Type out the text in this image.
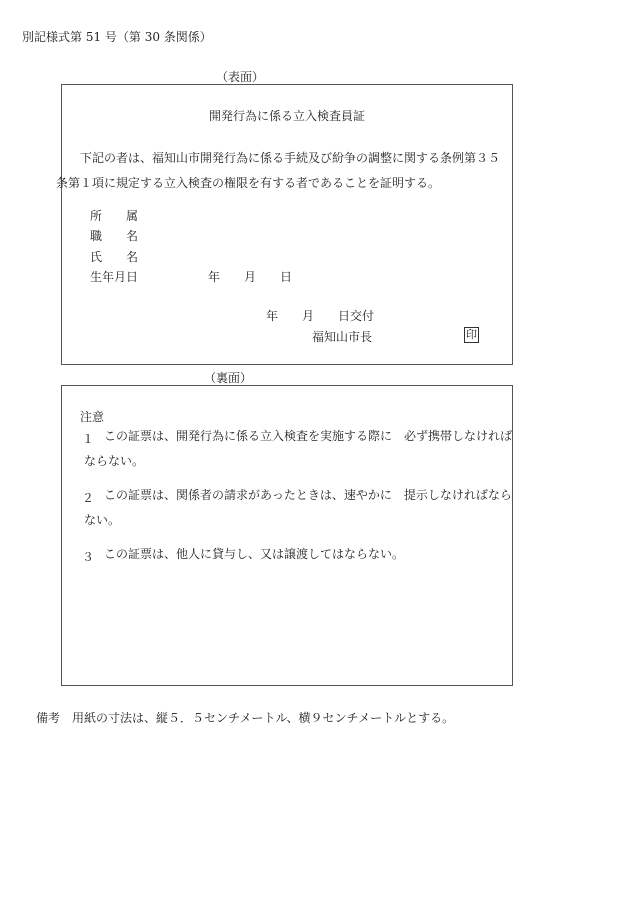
別記様式第 51 号（第 30 条関係）
（表面）
開発行為に係る立入検査員証
下記の者は、福知山市開発行為に係る手続及び紛争の調整に関する条例第３５条第１項に規定する立入検査の権限を有する者であることを証明する。
所　　属
職　　名
氏　　名
生年月日	年　　月　　日
年　　月　　日交付
福知山市長	印
（裏面）
注意
１ この証票は、開発行為に係る立入検査を実施する際に　必ず携帯しなければならない。
２ この証票は、関係者の請求があったときは、速やかに　提示しなければならない。
３ この証票は、他人に貸与し、又は譲渡してはならない。
備考　用紙の寸法は、縦５．５センチメートル、横９センチメートルとする。
